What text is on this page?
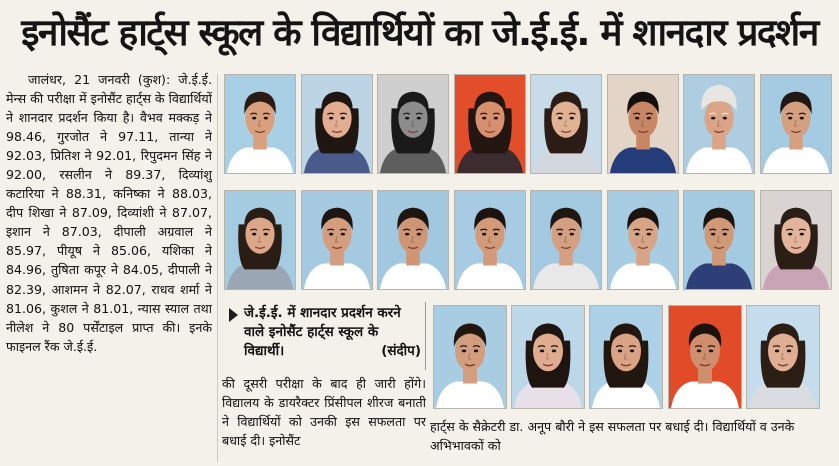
इनोसैंट हार्ट्स स्कूल के विद्यार्थियों का जे.ई.ई. में शानदार प्रदर्शन
जालंधर, 21 जनवरी (कुश): जे.ई.ई. मेन्स की परीक्षा में इनोसैंट हार्ट्स के विद्यार्थियों ने शानदार प्रदर्शन किया है। वैभव मक्कड़ ने 98.46, गुरजोत ने 97.11, तान्या ने 92.03, प्रितिश ने 92.01, रिपुदमन सिंह ने 92.00, रसलीन ने 89.37, दिव्यांशु कटारिया ने 88.31, कनिष्का ने 88.03, दीप शिखा ने 87.09, दिव्यांशी ने 87.07, इशान ने 87.03, दीपाली अग्रवाल ने 85.97, पीयूष ने 85.06, यशिका ने 84.96, तुषिता कपूर ने 84.05, दीपाली ने 82.39, आशमन ने 82.07, राधव शर्मा ने 81.06, कुशल ने 81.01, न्यास स्याल तथा नीलेश ने 80 पर्सेंटाइल प्राप्त की। इनके फाइनल रैंक जे.ई.ई.
जे.ई.ई. में शानदार प्रदर्शन करने वाले इनोसैंट हार्ट्स स्कूल के विद्यार्थी।	(संदीप)
की दूसरी परीक्षा के बाद ही जारी होंगे। विद्यालय के डायरैक्टर प्रिंसीपल शीरज बनाती ने विद्यार्थियों को उनकी इस सफलता पर बधाई दी। इनोसैंट
हार्ट्स के सैक्रेटरी डा. अनूप बौरी ने इस सफलता पर बधाई दी। विद्यार्थियों व उनके अभिभावकों को
